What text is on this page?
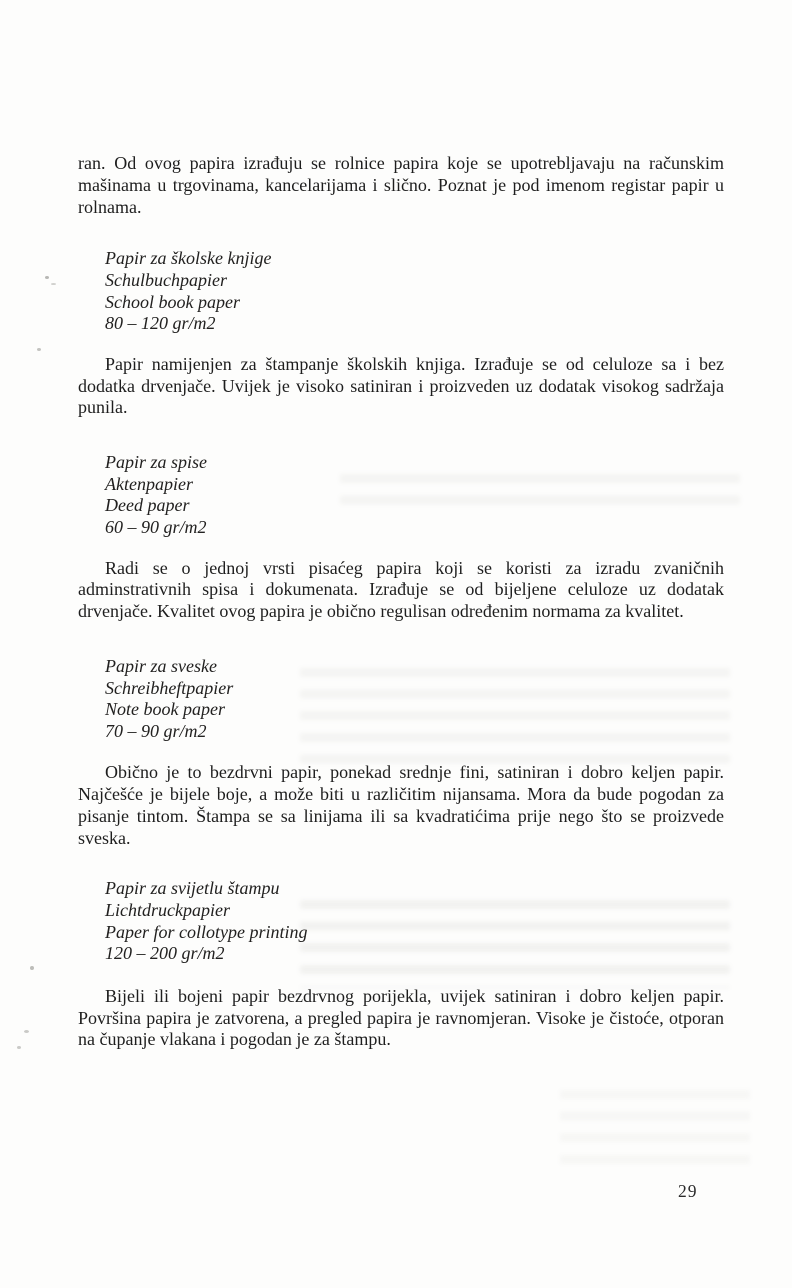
ran. Od ovog papira izrađuju se rolnice papira koje se upotrebljavaju na računskim mašinama u trgovinama, kancelarijama i slično. Poznat je pod imenom registar papir u rolnama.

Papir za školske knjige
Schulbuchpapier
School book paper
80 – 120 gr/m2

Papir namijenjen za štampanje školskih knjiga. Izrađuje se od celuloze sa i bez dodatka drvenjače. Uvijek je visoko satiniran i proizveden uz dodatak visokog sadržaja punila.

Papir za spise
Aktenpapier
Deed paper
60 – 90 gr/m2

Radi se o jednoj vrsti pisaćeg papira koji se koristi za izradu zvaničnih adminstrativnih spisa i dokumenata. Izrađuje se od bijeljene celuloze uz dodatak drvenjače. Kvalitet ovog papira je obično regulisan određenim normama za kvalitet.

Papir za sveske
Schreibheftpapier
Note book paper
70 – 90 gr/m2

Obično je to bezdrvni papir, ponekad srednje fini, satiniran i dobro keljen papir. Najčešće je bijele boje, a može biti u različitim nijansama. Mora da bude pogodan za pisanje tintom. Štampa se sa linijama ili sa kvadratićima prije nego što se proizvede sveska.

Papir za svijetlu štampu
Lichtdruckpapier
Paper for collotype printing
120 – 200 gr/m2

Bijeli ili bojeni papir bezdrvnog porijekla, uvijek satiniran i dobro keljen papir. Površina papira je zatvorena, a pregled papira je ravnomjeran. Visoke je čistoće, otporan na čupanje vlakana i pogodan je za štampu.

29
